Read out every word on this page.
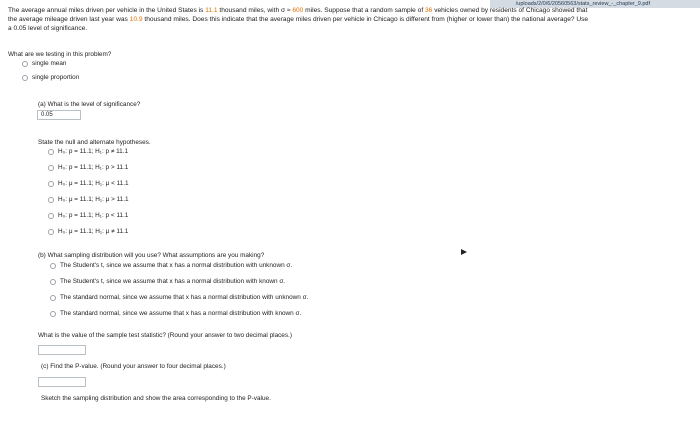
/uploads/2/0/6/20560563/stats_review_-_chapter_9.pdf
The average annual miles driven per vehicle in the United States is 11.1 thousand miles, with σ ≈ 600 miles. Suppose that a random sample of 36 vehicles owned by residents of Chicago showed that
the average mileage driven last year was 10.9 thousand miles. Does this indicate that the average miles driven per vehicle in Chicago is different from (higher or lower than) the national average? Use
a 0.05 level of significance.
What are we testing in this problem?
single mean
single proportion
(a) What is the level of significance?
0.05
State the null and alternate hypotheses.
H₀: p = 11.1; H₁: p ≠ 11.1
H₀: p = 11.1; H₁: p > 11.1
H₀: μ = 11.1; H₁: μ < 11.1
H₀: μ = 11.1; H₁: μ > 11.1
H₀: p = 11.1; H₁: p < 11.1
H₀: μ = 11.1; H₁: μ ≠ 11.1
(b) What sampling distribution will you use? What assumptions are you making?
The Student's t, since we assume that x has a normal distribution with unknown σ.
The Student's t, since we assume that x has a normal distribution with known σ.
The standard normal, since we assume that x has a normal distribution with unknown σ.
The standard normal, since we assume that x has a normal distribution with known σ.
What is the value of the sample test statistic? (Round your answer to two decimal places.)
(c) Find the P-value. (Round your answer to four decimal places.)
Sketch the sampling distribution and show the area corresponding to the P-value.
